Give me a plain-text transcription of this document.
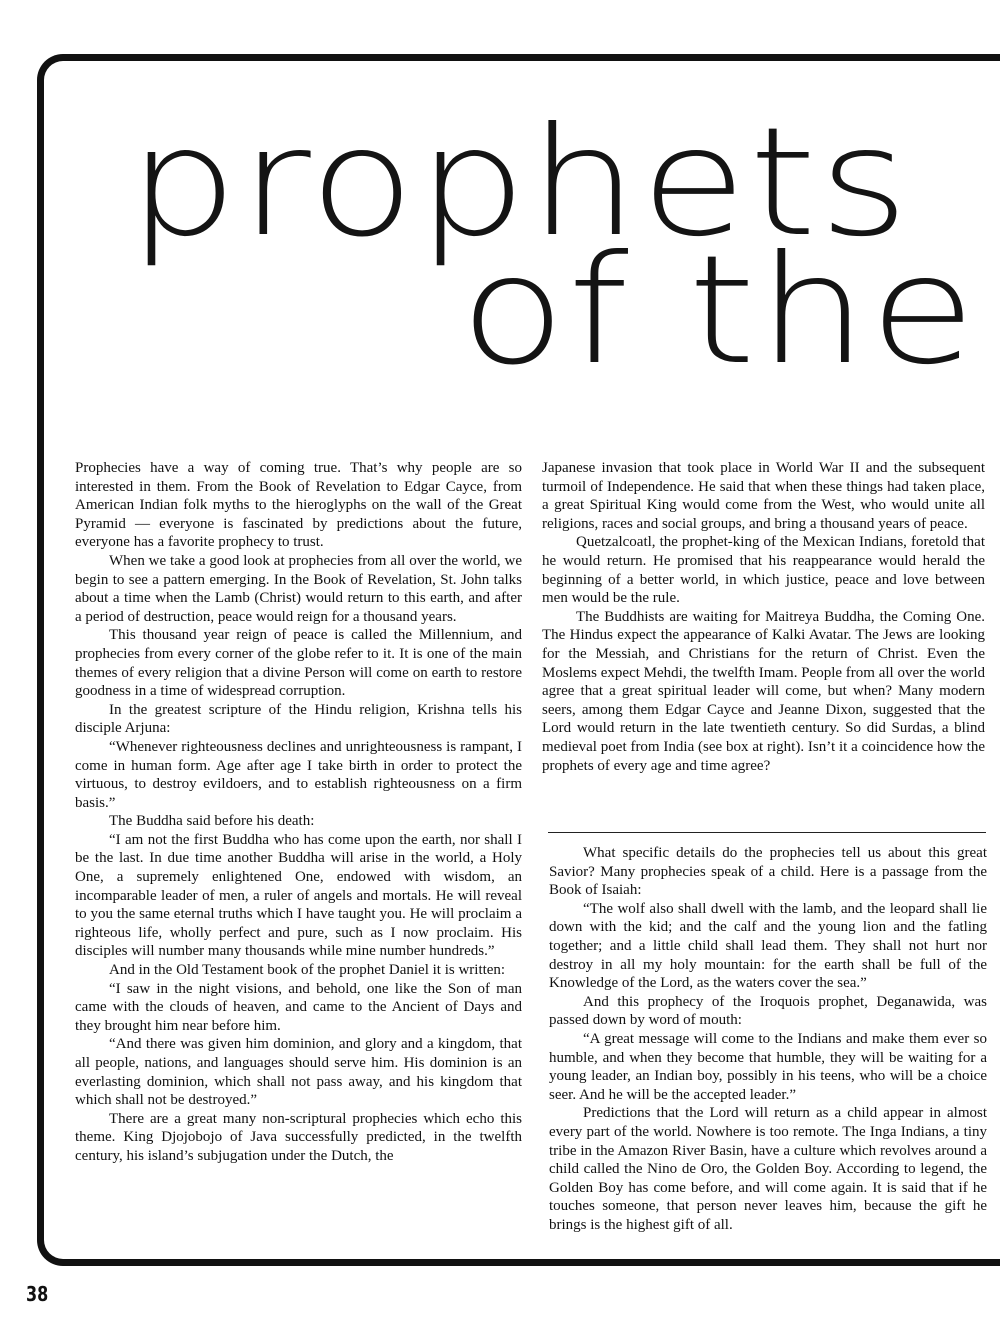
prophets
of the

Prophecies have a way of coming true. That’s why people are so interested in them. From the Book of Revelation to Edgar Cayce, from American Indian folk myths to the hieroglyphs on the wall of the Great Pyramid — everyone is fascinated by predictions about the future, everyone has a favorite prophecy to trust.

When we take a good look at prophecies from all over the world, we begin to see a pattern emerging. In the Book of Revelation, St. John talks about a time when the Lamb (Christ) would return to this earth, and after a period of destruction, peace would reign for a thousand years.

This thousand year reign of peace is called the Millennium, and prophecies from every corner of the globe refer to it. It is one of the main themes of every religion that a divine Person will come on earth to restore goodness in a time of widespread corruption.

In the greatest scripture of the Hindu religion, Krishna tells his disciple Arjuna:

“Whenever righteousness declines and unrighteousness is rampant, I come in human form. Age after age I take birth in order to protect the virtuous, to destroy evildoers, and to establish righteousness on a firm basis.”

The Buddha said before his death:

“I am not the first Buddha who has come upon the earth, nor shall I be the last. In due time another Buddha will arise in the world, a Holy One, a supremely enlightened One, endowed with wisdom, an incomparable leader of men, a ruler of angels and mortals. He will reveal to you the same eternal truths which I have taught you. He will proclaim a righteous life, wholly perfect and pure, such as I now proclaim. His disciples will number many thousands while mine number hundreds.”

And in the Old Testament book of the prophet Daniel it is written:

“I saw in the night visions, and behold, one like the Son of man came with the clouds of heaven, and came to the Ancient of Days and they brought him near before him.

“And there was given him dominion, and glory and a kingdom, that all people, nations, and languages should serve him. His dominion is an everlasting dominion, which shall not pass away, and his kingdom that which shall not be destroyed.”

There are a great many non-scriptural prophecies which echo this theme. King Djojobojo of Java successfully predicted, in the twelfth century, his island’s subjugation under the Dutch, the

Japanese invasion that took place in World War II and the subsequent turmoil of Independence. He said that when these things had taken place, a great Spiritual King would come from the West, who would unite all religions, races and social groups, and bring a thousand years of peace.

Quetzalcoatl, the prophet-king of the Mexican Indians, foretold that he would return. He promised that his reappearance would herald the beginning of a better world, in which justice, peace and love between men would be the rule.

The Buddhists are waiting for Maitreya Buddha, the Coming One. The Hindus expect the appearance of Kalki Avatar. The Jews are looking for the Messiah, and Christians for the return of Christ. Even the Moslems expect Mehdi, the twelfth Imam. People from all over the world agree that a great spiritual leader will come, but when? Many modern seers, among them Edgar Cayce and Jeanne Dixon, suggested that the Lord would return in the late twentieth century. So did Surdas, a blind medieval poet from India (see box at right). Isn’t it a coincidence how the prophets of every age and time agree?

What specific details do the prophecies tell us about this great Savior? Many prophecies speak of a child. Here is a passage from the Book of Isaiah:

“The wolf also shall dwell with the lamb, and the leopard shall lie down with the kid; and the calf and the young lion and the fatling together; and a little child shall lead them. They shall not hurt nor destroy in all my holy mountain: for the earth shall be full of the Knowledge of the Lord, as the waters cover the sea.”

And this prophecy of the Iroquois prophet, Deganawida, was passed down by word of mouth:

“A great message will come to the Indians and make them ever so humble, and when they become that humble, they will be waiting for a young leader, an Indian boy, possibly in his teens, who will be a choice seer. And he will be the accepted leader.”

Predictions that the Lord will return as a child appear in almost every part of the world. Nowhere is too remote. The Inga Indians, a tiny tribe in the Amazon River Basin, have a culture which revolves around a child called the Nino de Oro, the Golden Boy. According to legend, the Golden Boy has come before, and will come again. It is said that if he touches someone, that person never leaves him, because the gift he brings is the highest gift of all.

38
